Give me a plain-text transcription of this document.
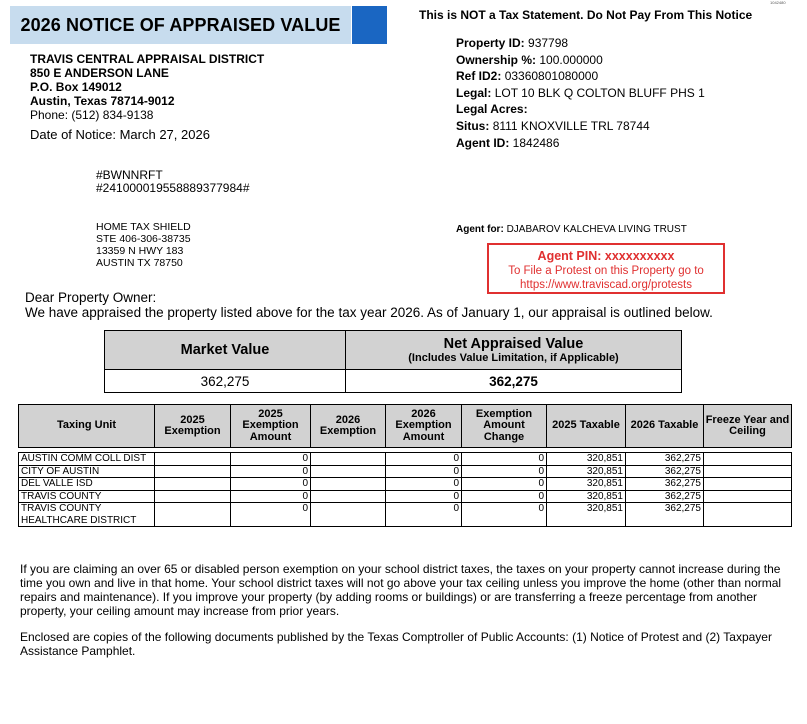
1042480
2026 NOTICE OF APPRAISED VALUE	This is NOT a Tax Statement. Do Not Pay From This Notice
TRAVIS CENTRAL APPRAISAL DISTRICT
850 E ANDERSON LANE
P.O. Box 149012
Austin, Texas 78714-9012
Phone: (512) 834-9138
Date of Notice: March 27, 2026
Property ID: 937798
Ownership %: 100.000000
Ref ID2: 03360801080000
Legal: LOT 10 BLK Q COLTON BLUFF PHS 1
Legal Acres:
Situs: 8111 KNOXVILLE TRL 78744
Agent ID: 1842486
#BWNNRFT
#241000019558889377984#
HOME TAX SHIELD
STE 406-306-38735
13359 N HWY 183
AUSTIN TX 78750
Agent for: DJABAROV KALCHEVA LIVING TRUST
Agent PIN: xxxxxxxxxx
To File a Protest on this Property go to
https://www.traviscad.org/protests
Dear Property Owner:
We have appraised the property listed above for the tax year 2026. As of January 1, our appraisal is outlined below.
Market Value	Net Appraised Value
(Includes Value Limitation, if Applicable)

362,275	362,275
Taxing Unit	2025 Exemption	2025 Exemption Amount	2026 Exemption	2026 Exemption Amount	Exemption Amount Change	2025 Taxable	2026 Taxable	Freeze Year and Ceiling

AUSTIN COMM COLL DIST		0		0	0	320,851	362,275	
CITY OF AUSTIN		0		0	0	320,851	362,275	
DEL VALLE ISD		0		0	0	320,851	362,275	
TRAVIS COUNTY		0		0	0	320,851	362,275	
TRAVIS COUNTY HEALTHCARE DISTRICT		0		0	0	320,851	362,275	
If you are claiming an over 65 or disabled person exemption on your school district taxes, the taxes on your property cannot increase during the time you own and live in that home. Your school district taxes will not go above your tax ceiling unless you improve the home (other than normal repairs and maintenance). If you improve your property (by adding rooms or buildings) or are transferring a freeze percentage from another property, your ceiling amount may increase from prior years.
Enclosed are copies of the following documents published by the Texas Comptroller of Public Accounts: (1) Notice of Protest and (2) Taxpayer Assistance Pamphlet.
